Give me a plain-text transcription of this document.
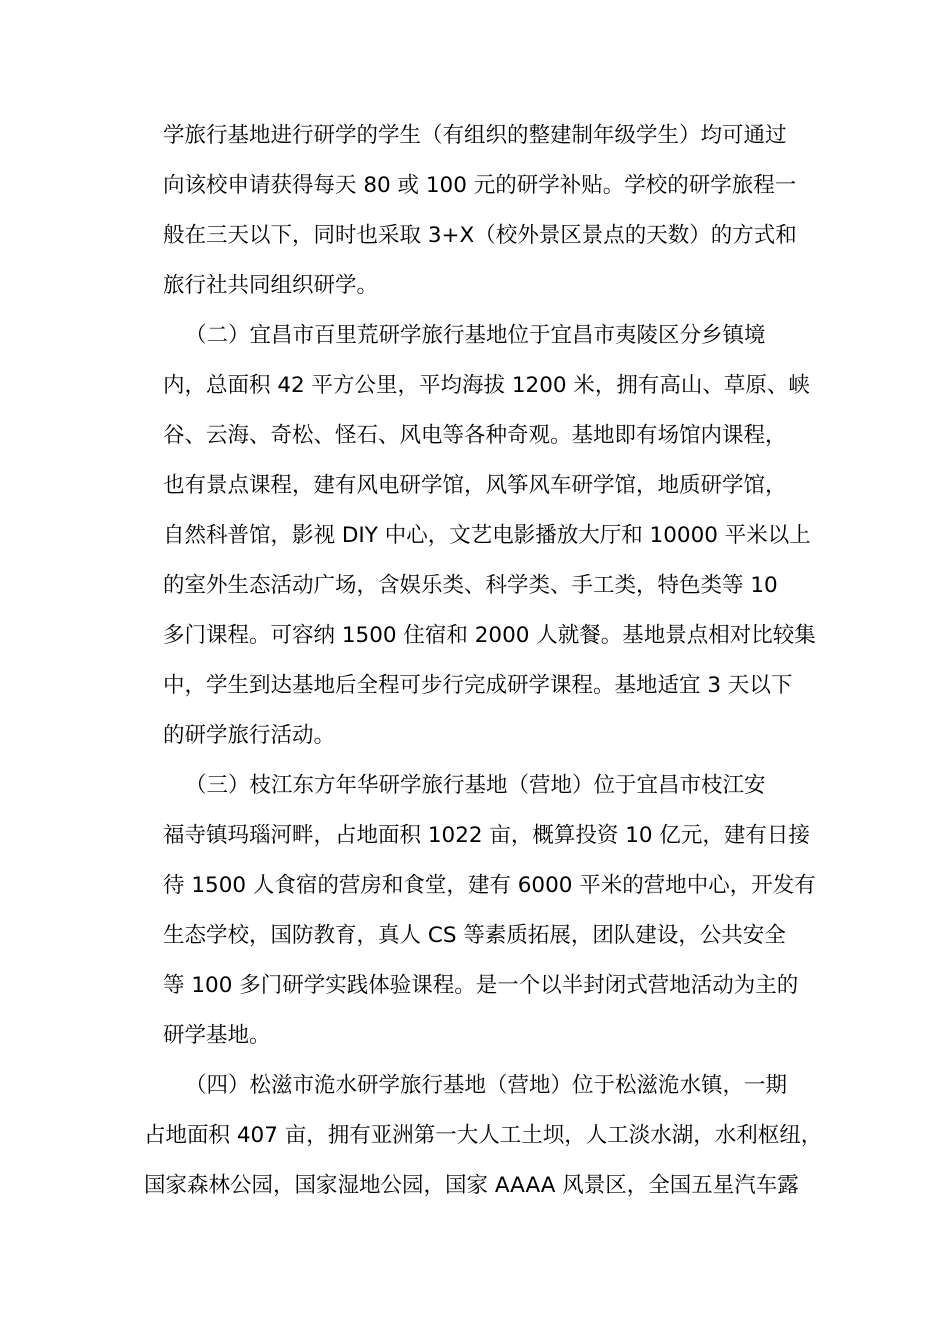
学旅行基地进行研学的学生（有组织的整建制年级学生）均可通过
向该校申请获得每天 80 或 100 元的研学补贴。学校的研学旅程一
般在三天以下，同时也采取 3+X（校外景区景点的天数）的方式和
旅行社共同组织研学。
（二）宜昌市百里荒研学旅行基地位于宜昌市夷陵区分乡镇境
内，总面积 42 平方公里，平均海拔 1200 米，拥有高山、草原、峡
谷、云海、奇松、怪石、风电等各种奇观。基地即有场馆内课程，
也有景点课程，建有风电研学馆，风筝风车研学馆，地质研学馆，
自然科普馆，影视 DIY 中心，文艺电影播放大厅和 10000 平米以上
的室外生态活动广场，含娱乐类、科学类、手工类，特色类等 10
多门课程。可容纳 1500 住宿和 2000 人就餐。基地景点相对比较集
中，学生到达基地后全程可步行完成研学课程。基地适宜 3 天以下
的研学旅行活动。
（三）枝江东方年华研学旅行基地（营地）位于宜昌市枝江安
福寺镇玛瑙河畔，占地面积 1022 亩，概算投资 10 亿元，建有日接
待 1500 人食宿的营房和食堂，建有 6000 平米的营地中心，开发有
生态学校，国防教育，真人 CS 等素质拓展，团队建设，公共安全
等 100 多门研学实践体验课程。是一个以半封闭式营地活动为主的
研学基地。
（四）松滋市洈水研学旅行基地（营地）位于松滋洈水镇，一期
占地面积 407 亩，拥有亚洲第一大人工土坝，人工淡水湖，水利枢纽，
国家森林公园，国家湿地公园，国家 AAAA 风景区，全国五星汽车露
